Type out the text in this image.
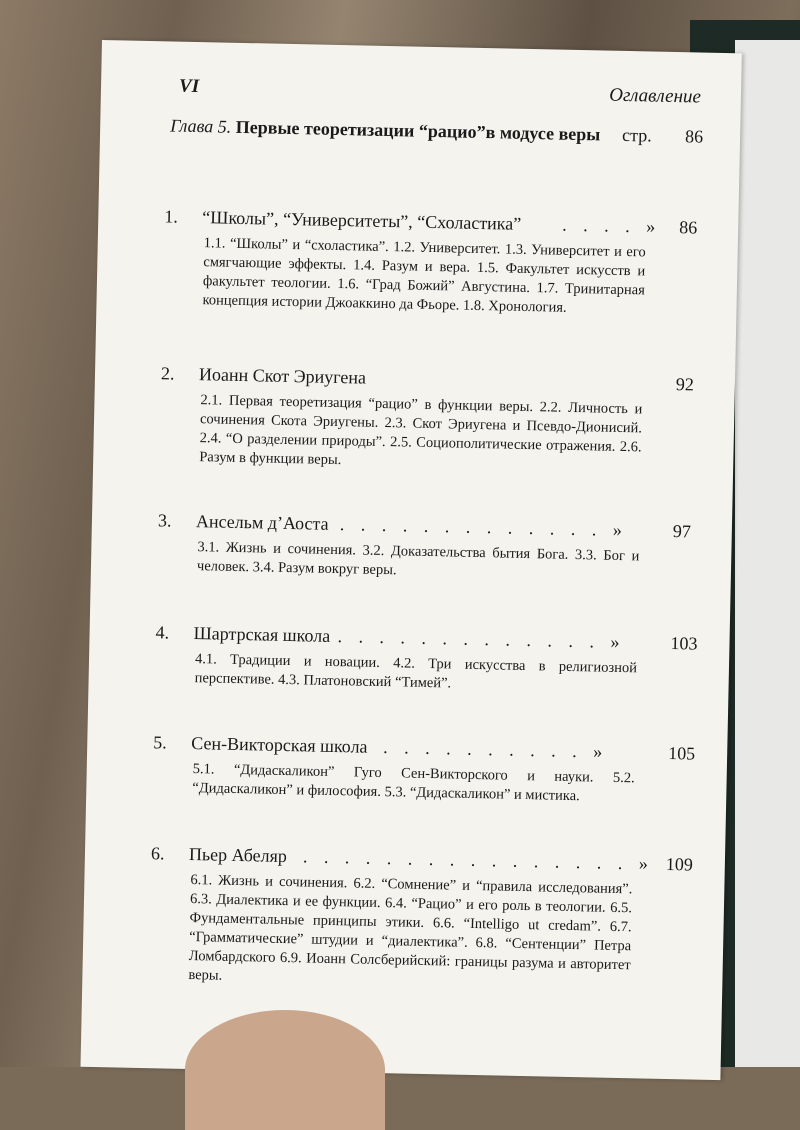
VI	Оглавление
Глава 5. Первые теоретизации “рацио”в модусе веры стр. 86
1. “Школы”, “Университеты”, “Схоластика” . . . . » 86
1.1. “Школы” и “схоластика”. 1.2. Университет. 1.3. Университет и его смягчающие эффекты. 1.4. Разум и вера. 1.5. Факультет искусств и факультет теологии. 1.6. “Град Божий” Августина. 1.7. Тринитарная концепция истории Джоаккино да Фьоре. 1.8. Хронология.
2. Иоанн Скот Эриугена	92
2.1. Первая теоретизация “рацио” в функции веры. 2.2. Личность и сочинения Скота Эриугены. 2.3. Скот Эриугена и Псевдо-Дионисий. 2.4. “О разделении природы”. 2.5. Социополитические отражения. 2.6. Разум в функции веры.
3. Ансельм д’Аоста . . . . . . . . . . . . . » 97
3.1. Жизнь и сочинения. 3.2. Доказательства бытия Бога. 3.3. Бог и человек. 3.4. Разум вокруг веры.
4. Шартрская школа . . . . . . . . . . . . . » 103
4.1. Традиции и новации. 4.2. Три искусства в религиозной перспективе. 4.3. Платоновский “Тимей”.
5. Сен-Викторская школа . . . . . . . . . . »	105
5.1. “Дидаскаликон” Гуго Сен-Викторского и науки. 5.2. “Дидаскаликон” и философия. 5.3. “Дидаскаликон” и мистика.
6. Пьер Абеляр . . . . . . . . . . . . . . . . » 109
6.1. Жизнь и сочинения. 6.2. “Сомнение” и “правила исследования”. 6.3. Диалектика и ее функции. 6.4. “Рацио” и его роль в теологии. 6.5. Фундаментальные принципы этики. 6.6. “Intelligo ut credam”. 6.7. “Грамматические” штудии и “диалектика”. 6.8. “Сентенции” Петра Ломбардского 6.9. Иоанн Солсберийский: границы разума и авторитет веры.
